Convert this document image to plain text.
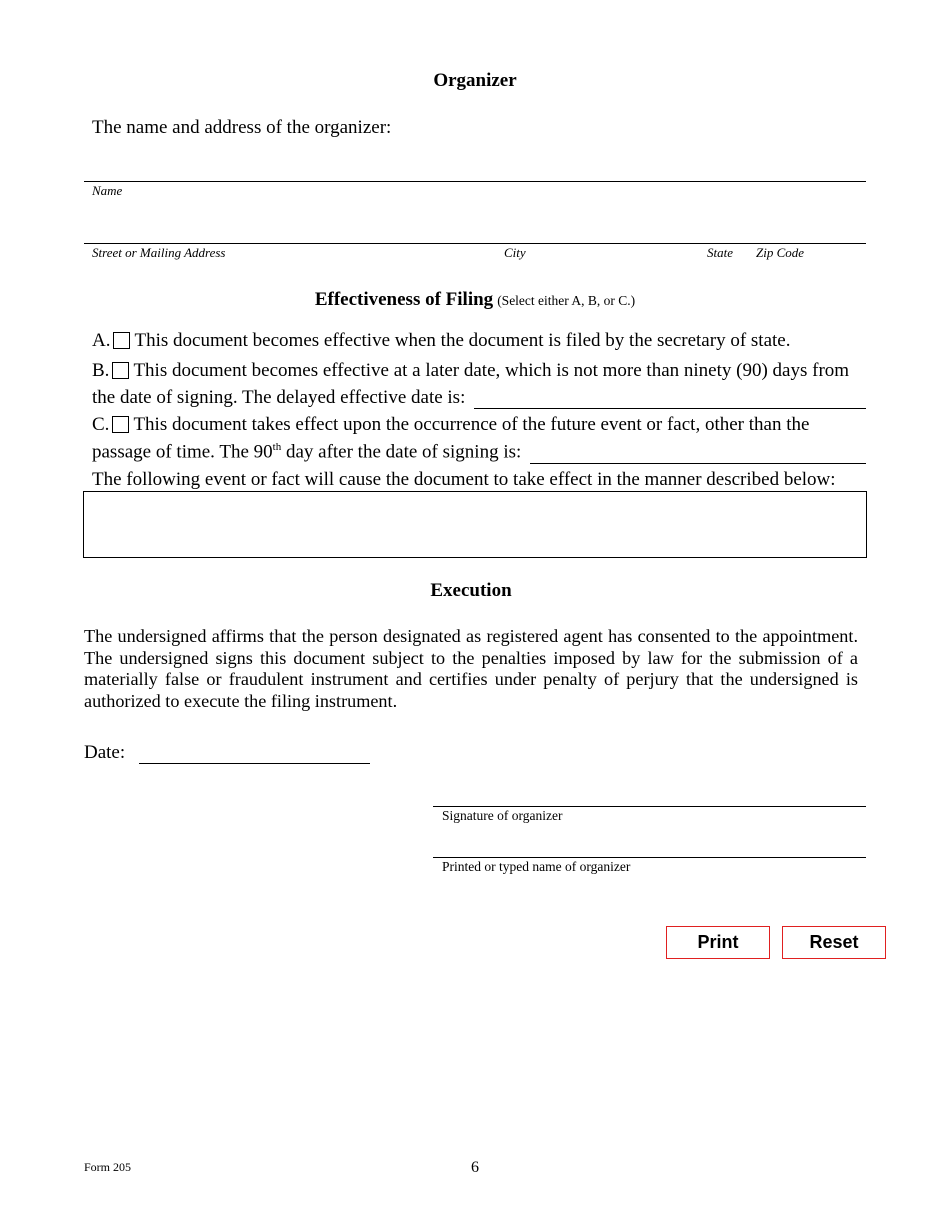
Organizer
The name and address of the organizer:
Name
Street or Mailing Address	City	State Zip Code
Effectiveness of Filing (Select either A, B, or C.)
A. This document becomes effective when the document is filed by the secretary of state.
B. This document becomes effective at a later date, which is not more than ninety (90) days from
the date of signing. The delayed effective date is:
C. This document takes effect upon the occurrence of the future event or fact, other than the
passage of time. The 90th day after the date of signing is:
The following event or fact will cause the document to take effect in the manner described below:
Execution
The undersigned affirms that the person designated as registered agent has consented to the appointment. The undersigned signs this document subject to the penalties imposed by law for the submission of a materially false or fraudulent instrument and certifies under penalty of perjury that the undersigned is authorized to execute the filing instrument.
Date:
Signature of organizer
Printed or typed name of organizer
Print	Reset
Form 205	6
